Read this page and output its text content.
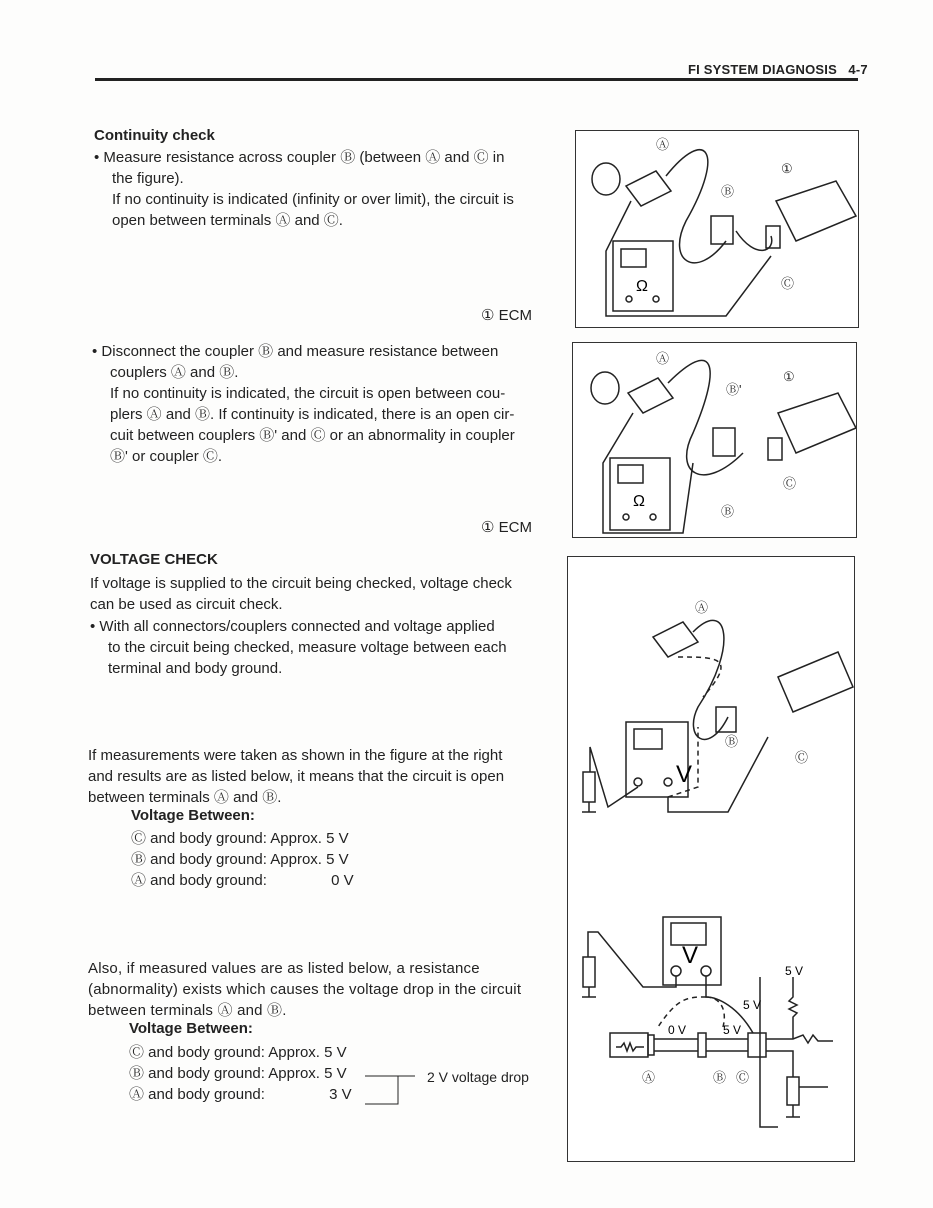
FI SYSTEM DIAGNOSIS 4-7
Continuity check
• Measure resistance across coupler Ⓑ (between Ⓐ and Ⓒ in
the figure).
If no continuity is indicated (infinity or over limit), the circuit is
open between terminals Ⓐ and Ⓒ.
① ECM
• Disconnect the coupler Ⓑ and measure resistance between
couplers Ⓐ and Ⓑ.
If no continuity is indicated, the circuit is open between cou-
plers Ⓐ and Ⓑ. If continuity is indicated, there is an open cir-
cuit between couplers Ⓑ' and Ⓒ or an abnormality in coupler
Ⓑ' or coupler Ⓒ.
① ECM
VOLTAGE CHECK
If voltage is supplied to the circuit being checked, voltage check
can be used as circuit check.
• With all connectors/couplers connected and voltage applied
to the circuit being checked, measure voltage between each
terminal and body ground.
If measurements were taken as shown in the figure at the right
and results are as listed below, it means that the circuit is open
between terminals Ⓐ and Ⓑ.
Voltage Between:
Ⓒ and body ground: Approx. 5 V
Ⓑ and body ground: Approx. 5 V
Ⓐ and body ground:	0 V
Also, if measured values are as listed below, a resistance
(abnormality) exists which causes the voltage drop in the circuit
between terminals Ⓐ and Ⓑ.
Voltage Between:
Ⓒ and body ground: Approx. 5 V
Ⓑ and body ground: Approx. 5 V
Ⓐ and body ground:	3 V
2 V voltage drop
Ω
Ⓐ
Ⓑ
Ⓒ
①
Ω
Ⓐ
Ⓑ'
Ⓑ
Ⓒ
①
V
V
0 V
5 V
5 V
5 V
Ⓐ
Ⓑ
Ⓒ
Ⓐ	Ⓑ Ⓒ
